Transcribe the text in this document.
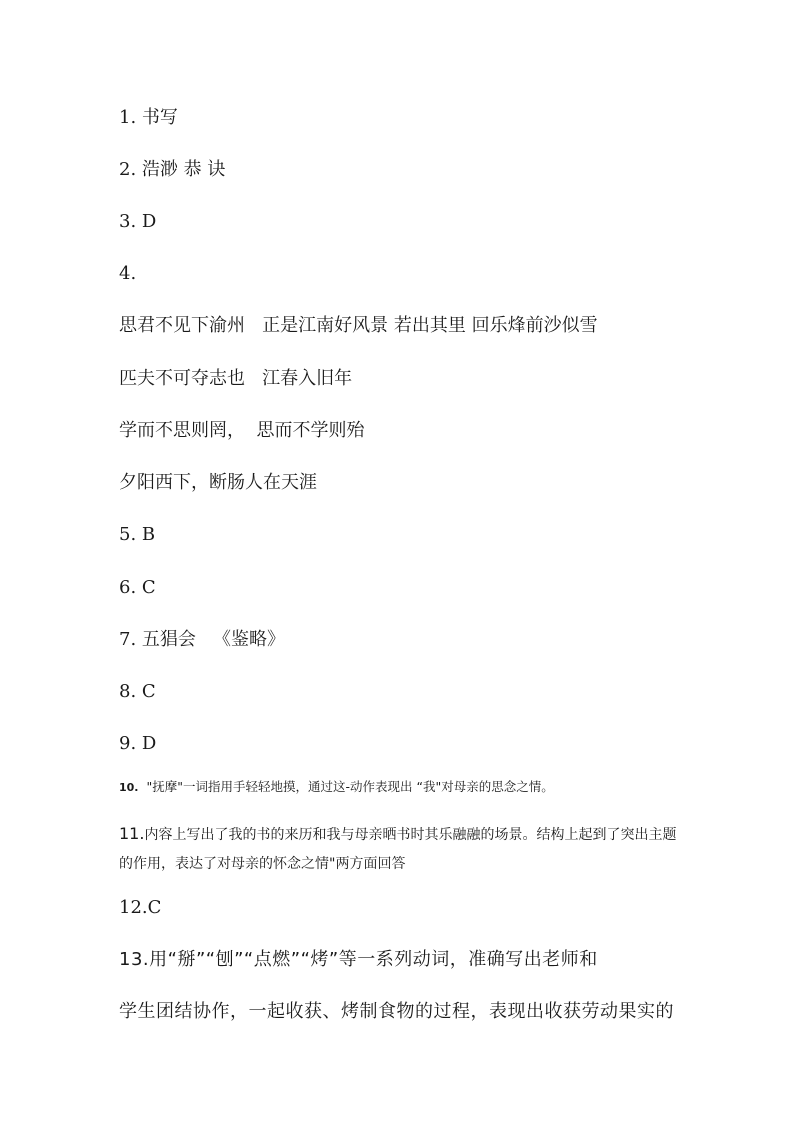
1. 书写

2. 浩渺 恭 诀

3. D

4.

思君不见下渝州   正是江南好风景 若出其里 回乐烽前沙似雪

匹夫不可夺志也   江春入旧年

学而不思则罔，  思而不学则殆

夕阳西下，断肠人在天涯

5. B

6. C

7. 五猖会   《鉴略》

8. C

9. D

10. "抚摩"一词指用手轻轻地摸，通过这-动作表现出 “我"对母亲的思念之情。

11.内容上写出了我的书的来历和我与母亲晒书时其乐融融的场景。结构上起到了突出主题

的作用，表达了对母亲的怀念之情"两方面回答

12.C

13.用“掰”“刨”“点燃”“烤”等一系列动词，准确写出老师和

学生团结协作，一起收获、烤制食物的过程，表现出收获劳动果实的
